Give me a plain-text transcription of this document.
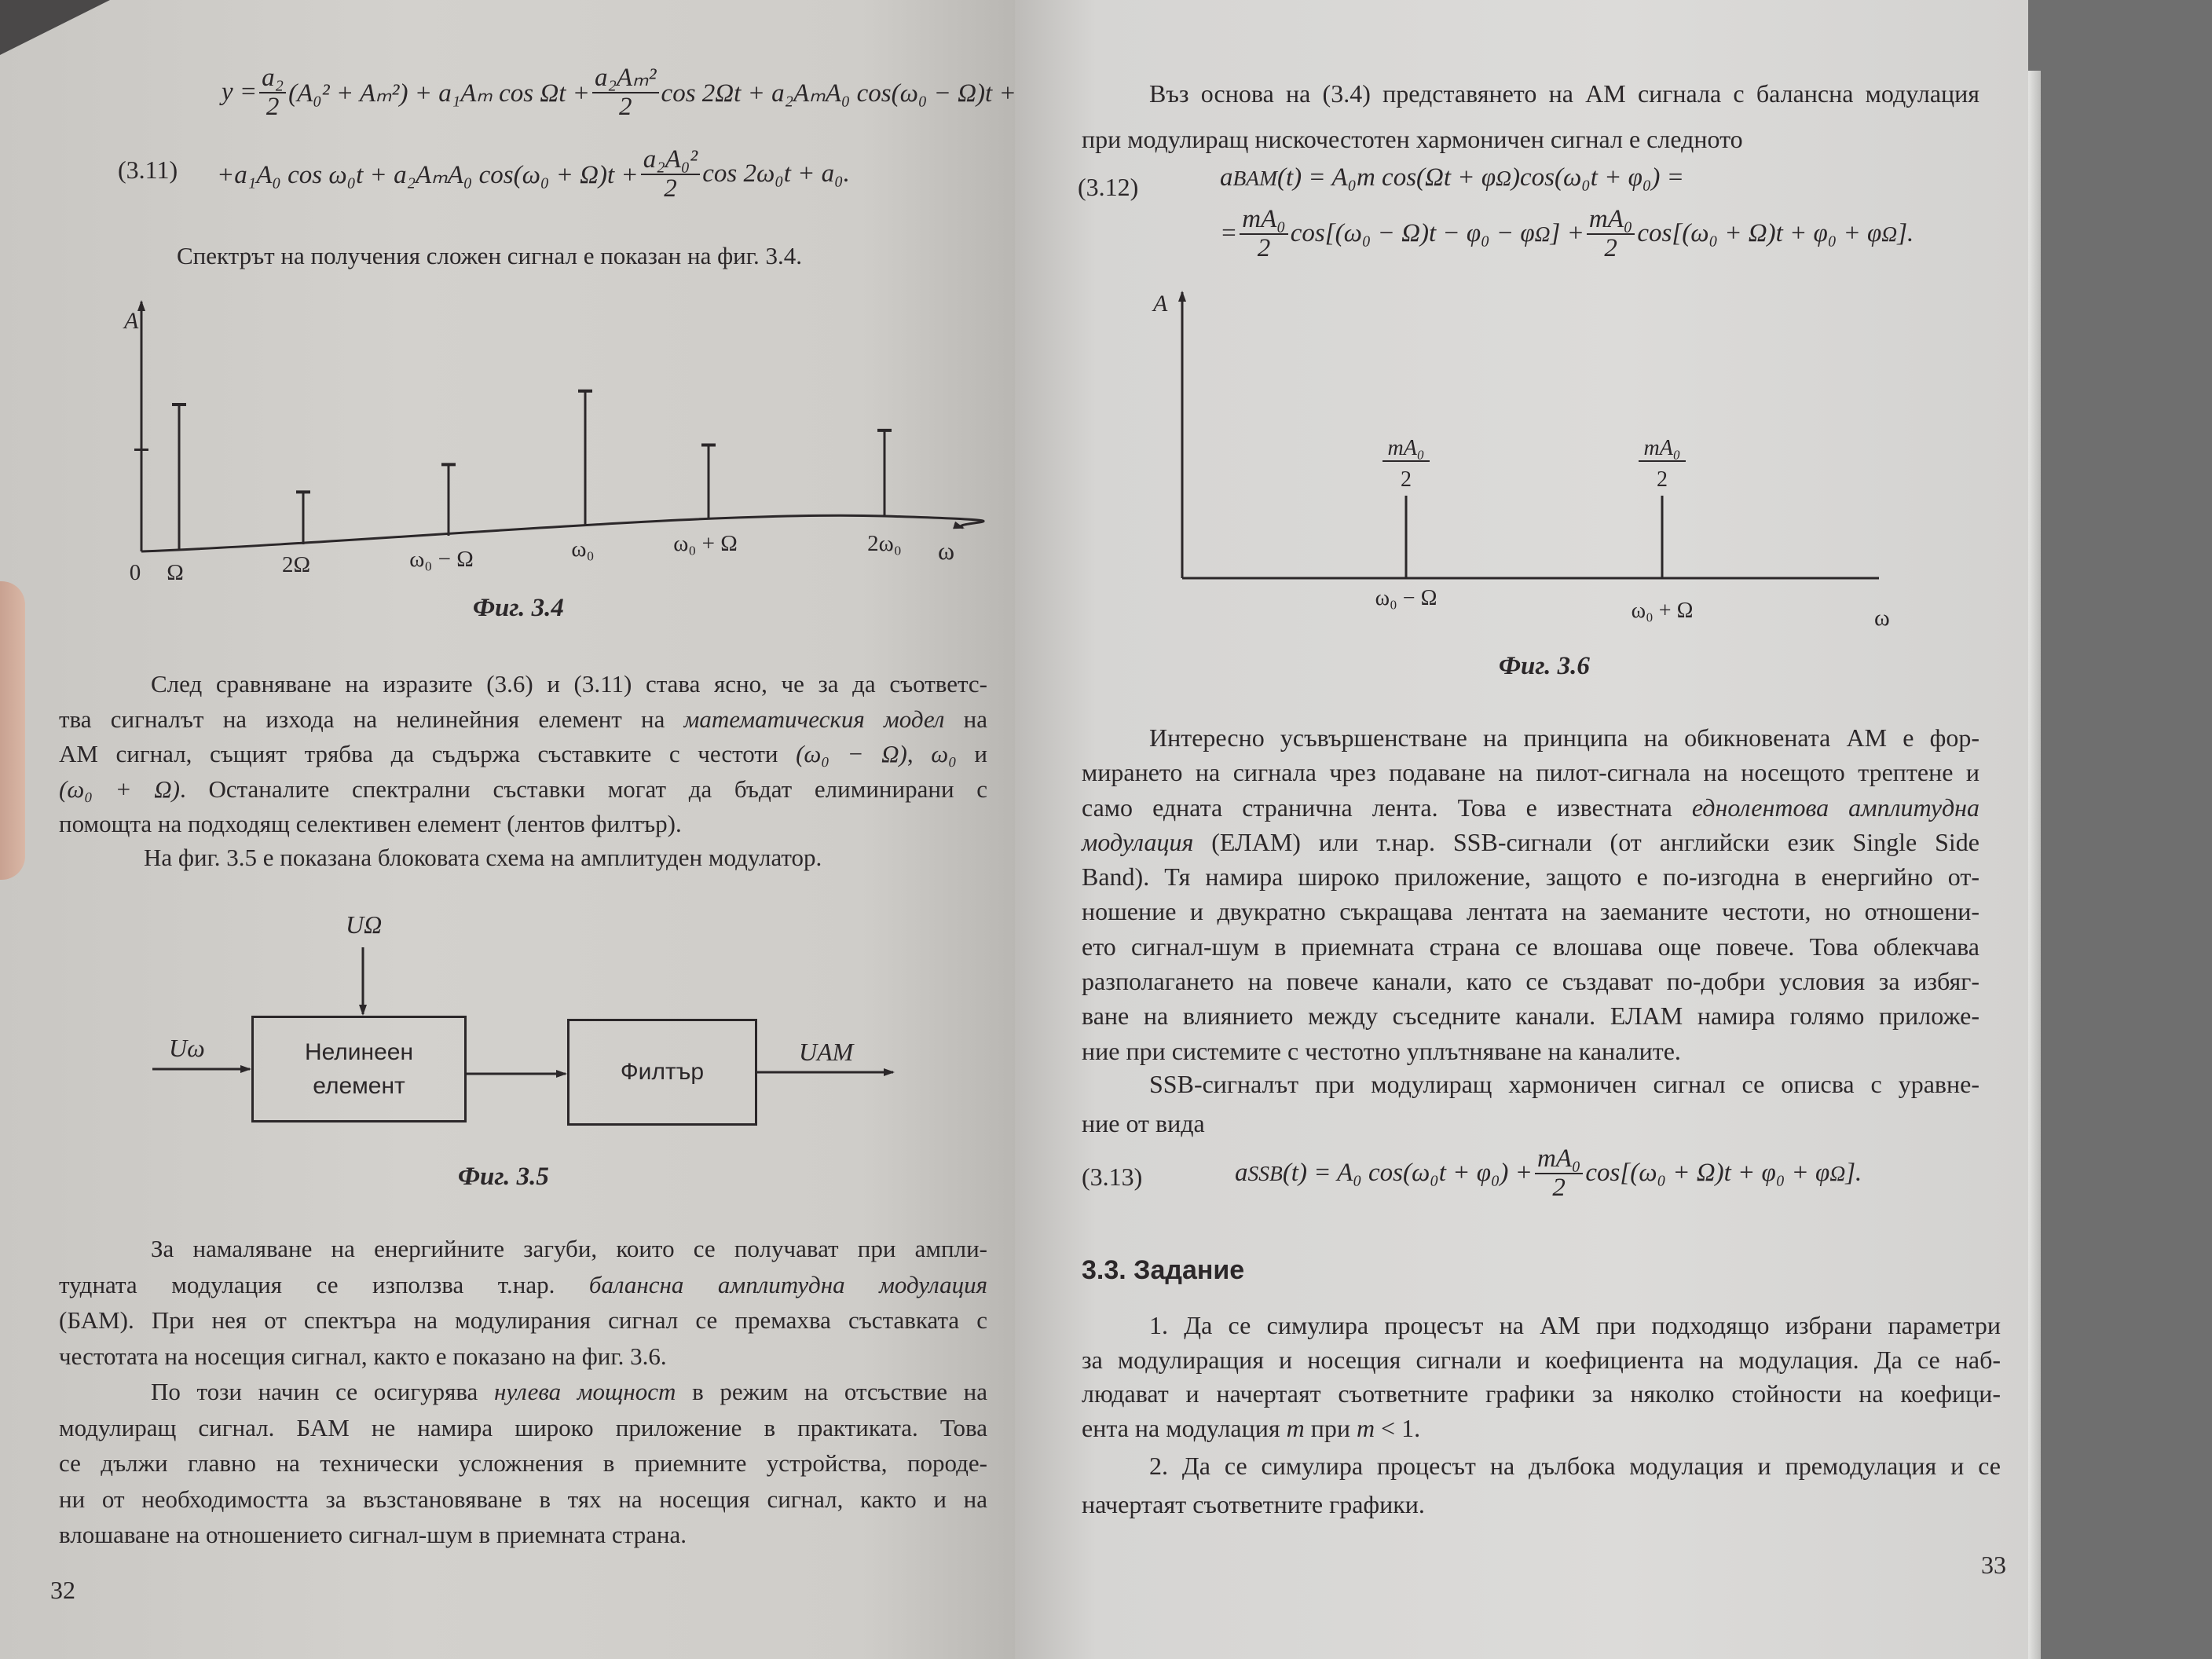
$y = \frac{\text{a₂}}{2} (A_0^2 + A_m^2) + a_1A_m$ $\cos \Omega t + \frac{\text{a₂Aₘ²}}{2}$ cos 2Ωt + a₂AₘA₀ cos(ω₀ − Ω)t +
(3.11) +a₁A₀ cos ω₀t + a₂AₘA₀ $\cos(\omega_0 + \Omega)t + \frac{\text{a₂A₀²}}{2}$ cos 2ω₀t + a₀.
Спектрът на получения сложен сигнал е показан на фиг. 3.4.
A
ω
0 Ω	2Ω	ω₀ − Ω	ω₀	ω₀ + Ω	2ω₀
UΩ
Uω	UAM
A
ω
mA₀
2
ω₀ − Ω
mA₀
2
ω₀ + Ω
Фиг. 3.4
След сравняване на изразите (3.6) и (3.11) става ясно, че за да съответс-
тва сигналът на изхода на нелинейния елемент на математическия модел на
АМ сигнал, същият трябва да съдържа съставките с честоти (ω₀ − Ω), ω₀ и
(ω₀ + Ω). Останалите спектрални съставки могат да бъдат елиминирани с
помощта на подходящ селективен елемент (лентов филтър).
На фиг. 3.5 е показана блоковата схема на амплитуден модулатор.
Нелинеен
елемент
Филтър
Фиг. 3.5
За намаляване на енергийните загуби, които се получават при ампли-
тудната модулация се използва т.нар. балансна амплитудна модулация
(БАМ). При нея от спектъра на модулирания сигнал се премахва съставката с
честотата на носещия сигнал, както е показано на фиг. 3.6.
По този начин се осигурява нулева мощност в режим на отсъствие на
модулиращ сигнал. БАМ не намира широко приложение в практиката. Това
се дължи главно на технически усложнения в приемните устройства, породе-
ни от необходимостта за възстановяване в тях на носещия сигнал, както и на
влошаване на отношението сигнал-шум в приемната страна.
32
Въз основа на (3.4) представянето на АМ сигнала с балансна модулация
при модулиращ нискочестотен хармоничен сигнал е следното
(3.12)	a BAM (t) = A₀m cos(Ωt + φ Ω )cos(ω₀t + φ₀) =
= $\frac{\text{mA₀}}{2} \cos[(\omega_0 - \Omega)t - \varphi_0 - \varphi$ Ω ] + $\frac{\text{mA₀}}{2} \cos[(\omega_0 + \Omega)t + \varphi_0 + \varphi$ Ω ].
Фиг. 3.6
Интересно усъвършенстване на принципа на обикновената АМ е фор-
мирането на сигнала чрез подаване на пилот-сигнала на носещото трептене и
само едната странична лента. Това е известната еднолентова амплитудна
модулация (ЕЛАМ) или т.нар. SSB-сигнали (от английски език Single Side
Band). Тя намира широко приложение, защото е по-изгодна в енергийно от-
ношение и двукратно съкращава лентата на заеманите честоти, но отношени-
ето сигнал-шум в приемната страна се влошава още повече. Това облекчава
разполагането на повече канали, като се създават по-добри условия за избяг-
ване на влиянието между съседните канали. ЕЛАМ намира голямо приложе-
ние при системите с честотно уплътняване на каналите.
SSB-сигналът при модулиращ хармоничен сигнал се описва с уравне-
ние от вида
(3.13)	a SSB (t) = A₀ $\cos(\omega_0t + \varphi_0) + \frac{\text{mA₀}}{2} \cos[(\omega_0 + \Omega)t + \varphi_0 + \varphi$ Ω ].
3.3. Задание
1. Да се симулира процесът на АМ при подходящо избрани параметри
за модулиращия и носещия сигнали и коефициента на модулация. Да се наб-
людават и начертаят съответните графики за няколко стойности на коефици-
ента на модулация m при m < 1.
2. Да се симулира процесът на дълбока модулация и премодулация и се
начертаят съответните графики.
33
